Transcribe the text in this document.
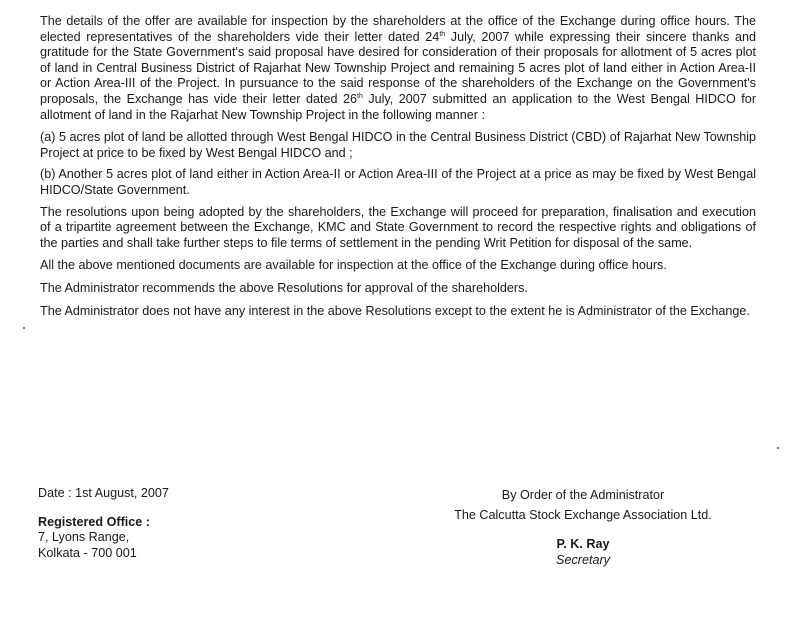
The details of the offer are available for inspection by the shareholders at the office of the Exchange during office hours. The elected representatives of the shareholders vide their letter dated 24th July, 2007 while expressing their sincere thanks and gratitude for the State Government's said proposal have desired for consideration of their proposals for allotment of 5 acres plot of land in Central Business District of Rajarhat New Township Project and remaining 5 acres plot of land either in Action Area-II or Action Area-III of the Project. In pursuance to the said response of the shareholders of the Exchange on the Government's proposals, the Exchange has vide their letter dated 26th July, 2007 submitted an application to the West Bengal HIDCO for allotment of land in the Rajarhat New Township Project in the following manner :

(a) 5 acres plot of land be allotted through West Bengal HIDCO in the Central Business District (CBD) of Rajarhat New Township Project at price to be fixed by West Bengal HIDCO and ;

(b) Another 5 acres plot of land either in Action Area-II or Action Area-III of the Project at a price as may be fixed by West Bengal HIDCO/State Government.

The resolutions upon being adopted by the shareholders, the Exchange will proceed for preparation, finalisation and execution of a tripartite agreement between the Exchange, KMC and State Government to record the respective rights and obligations of the parties and shall take further steps to file terms of settlement in the pending Writ Petition for disposal of the same.

All the above mentioned documents are available for inspection at the office of the Exchange during office hours.

The Administrator recommends the above Resolutions for approval of the shareholders.

The Administrator does not have any interest in the above Resolutions except to the extent he is Administrator of the Exchange.

Date : 1st August, 2007
Registered Office :
7, Lyons Range,
Kolkata - 700 001
By Order of the Administrator
The Calcutta Stock Exchange Association Ltd.
P. K. Ray
Secretary
